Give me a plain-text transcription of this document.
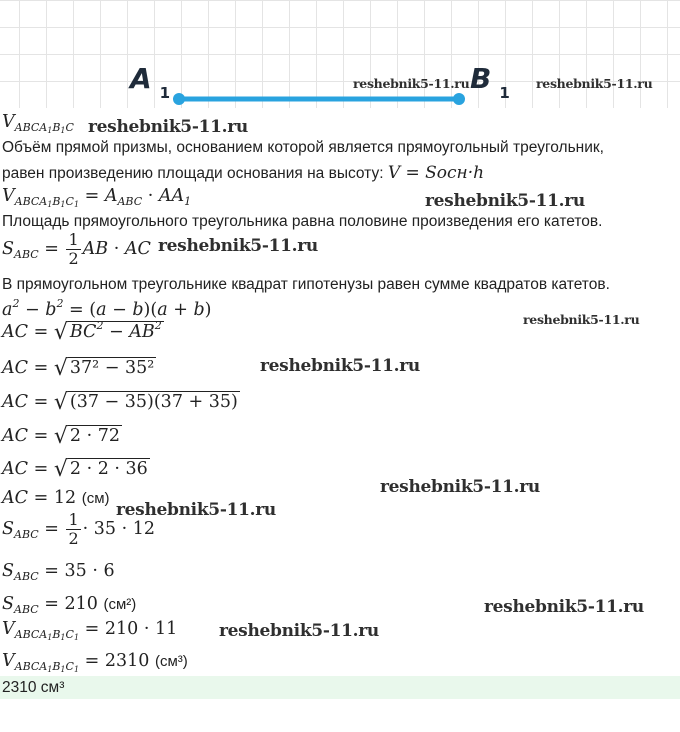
A 1	B 1
reshebnik5-11.ru	reshebnik5-11.ru
reshebnik5-11.ru
reshebnik5-11.ru
reshebnik5-11.ru
reshebnik5-11.ru
reshebnik5-11.ru
reshebnik5-11.ru
reshebnik5-11.ru
reshebnik5-11.ru
reshebnik5-11.ru
$V_{ABCA_1B_1C}$
Объём прямой призмы, основанием которой является прямоугольный треугольник,
равен произведению площади основания на высоту: V = Sосн·h
$V_{ABCA_1B_1C_1} = A_{ABC} \cdot AA_1$
Площадь прямоугольного треугольника равна половине произведения его катетов.
$S_{ABC} = \frac{1}{2}$ AB · AC
В прямоугольном треугольнике квадрат гипотенузы равен сумме квадратов катетов.
$a^2 - b^2 = (a - b)(a + b)$
AC = √ $BC^2 - AB^2$
AC = √ 37² − 35²
AC = √ (37 − 35)(37 + 35)
AC = √ 2 · 72
AC = √ 2 · 2 · 36
AC = 12 (см)
$S_{ABC} = \frac{1}{2} \cdot 35 \cdot 12$
$S_{ABC} = 35 \cdot 6$
$S_{ABC} = 210$ (см²)
$V_{ABCA_1B_1C_1} = 210 \cdot 11$
$V_{ABCA_1B_1C_1} = 2310$ (см³)
2310 см³
